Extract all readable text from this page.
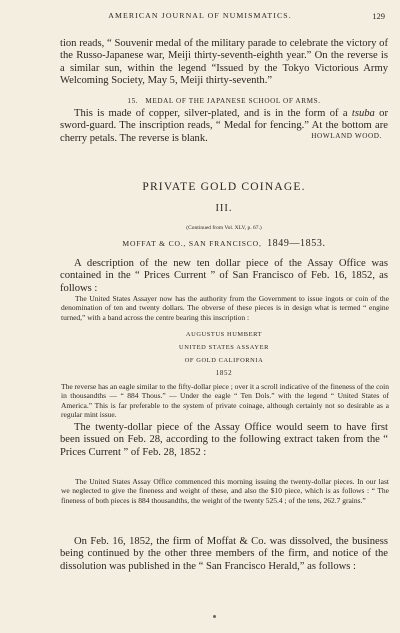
AMERICAN JOURNAL OF NUMISMATICS.	129
tion reads, “ Souvenir medal of the military parade to celebrate the victory of the Russo-Japanese war, Meiji thirty-seventh-eighth year.” On the reverse is a similar sun, within the legend “Issued by the Tokyo Victorious Army Welcoming Society, May 5, Meiji thirty-seventh.”
15. MEDAL OF THE JAPANESE SCHOOL OF ARMS.
This is made of copper, silver-plated, and is in the form of a tsuba or sword-guard. The inscription reads, “ Medal for fencing.” At the bottom are cherry petals. The reverse is blank.	HOWLAND WOOD.
PRIVATE GOLD COINAGE.
III.
(Continued from Vol. XLV, p. 67.)
MOFFAT & CO., SAN FRANCISCO, 1849—1853.
A description of the new ten dollar piece of the Assay Office was contained in the “ Prices Current ” of San Francisco of Feb. 16, 1852, as follows :
The United States Assayer now has the authority from the Government to issue ingots or coin of the denomination of ten and twenty dollars. The obverse of these pieces is in design what is termed “ engine turned,” with a band across the centre bearing this inscription :
AUGUSTUS HUMBERT
UNITED STATES ASSAYER
OF GOLD CALIFORNIA
1852
The reverse has an eagle similar to the fifty-dollar piece ; over it a scroll indicative of the fineness of the coin in thousandths — “ 884 Thous.” — Under the eagle “ Ten Dols.” with the legend “ United States of America.” This is far preferable to the system of private coinage, although certainly not so desirable as a regular mint issue.
The twenty-dollar piece of the Assay Office would seem to have first been issued on Feb. 28, according to the following extract taken from the “ Prices Current ” of Feb. 28, 1852 :
The United States Assay Office commenced this morning issuing the twenty-dollar pieces. In our last we neglected to give the fineness and weight of these, and also the $10 piece, which is as follows : “ The fineness of both pieces is 884 thousandths, the weight of the twenty 525.4 ; of the tens, 262.7 grains.”
On Feb. 16, 1852, the firm of Moffat & Co. was dissolved, the business being continued by the other three members of the firm, and notice of the dissolution was published in the “ San Francisco Herald,” as follows :
